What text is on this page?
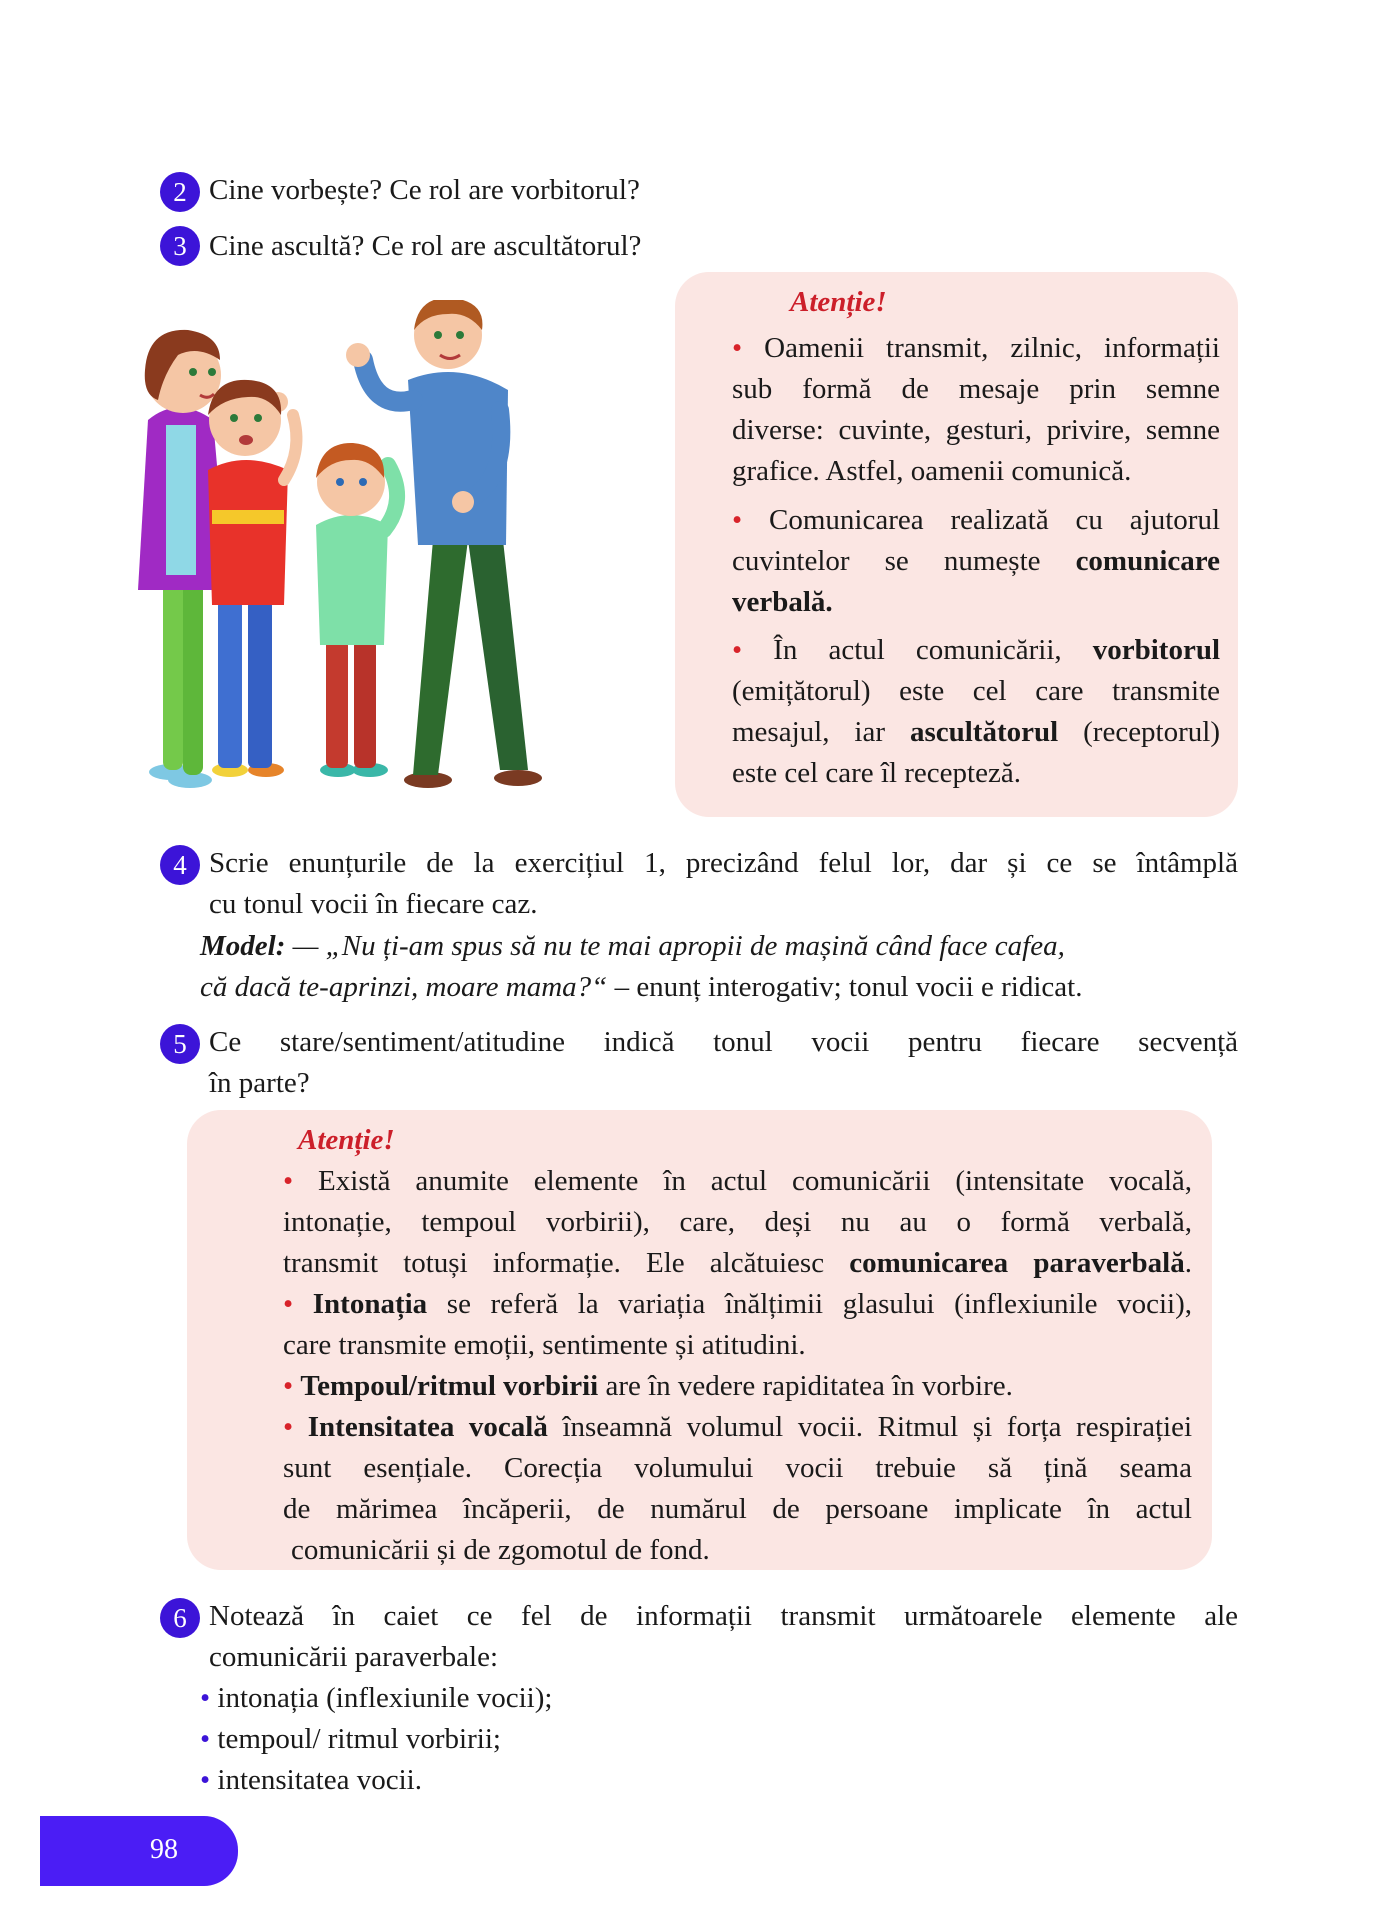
2 Cine vorbește? Ce rol are vorbitorul?
3 Cine ascultă? Ce rol are ascultătorul?
Atenție!
• Oamenii transmit, zilnic, informații
sub formă de mesaje prin semne
diverse: cuvinte, gesturi, privire, semne
grafice. Astfel, oamenii comunică.
• Comunicarea realizată cu ajutorul
cuvintelor se numește comunicare
verbală.
• În actul comunicării, vorbitorul
(emițătorul) este cel care transmite
mesajul, iar ascultătorul (receptorul)
este cel care îl recepteză.
4 Scrie enunțurile de la exercițiul 1, precizând felul lor, dar și ce se întâmplă
cu tonul vocii în fiecare caz.
Model: — „Nu ți-am spus să nu te mai apropii de mașină când face cafea,
că dacă te-aprinzi, moare mama?“ – enunț interogativ; tonul vocii e ridicat.
5 Ce stare/sentiment/atitudine indică tonul vocii pentru fiecare secvență
în parte?
Atenție!
• Există anumite elemente în actul comunicării (intensitate vocală,
intonație, tempoul vorbirii), care, deși nu au o formă verbală,
transmit totuși informație. Ele alcătuiesc comunicarea paraverbală.
• Intonația se referă la variația înălțimii glasului (inflexiunile vocii),
care transmite emoții, sentimente și atitudini.
• Tempoul/ritmul vorbirii are în vedere rapiditatea în vorbire.
• Intensitatea vocală înseamnă volumul vocii. Ritmul și forța respirației
sunt esențiale. Corecția volumului vocii trebuie să țină seama
de mărimea încăperii, de numărul de persoane implicate în actul
comunicării și de zgomotul de fond.
6 Notează în caiet ce fel de informații transmit următoarele elemente ale
comunicării paraverbale:
• intonația (inflexiunile vocii);
• tempoul/ ritmul vorbirii;
• intensitatea vocii.
98
